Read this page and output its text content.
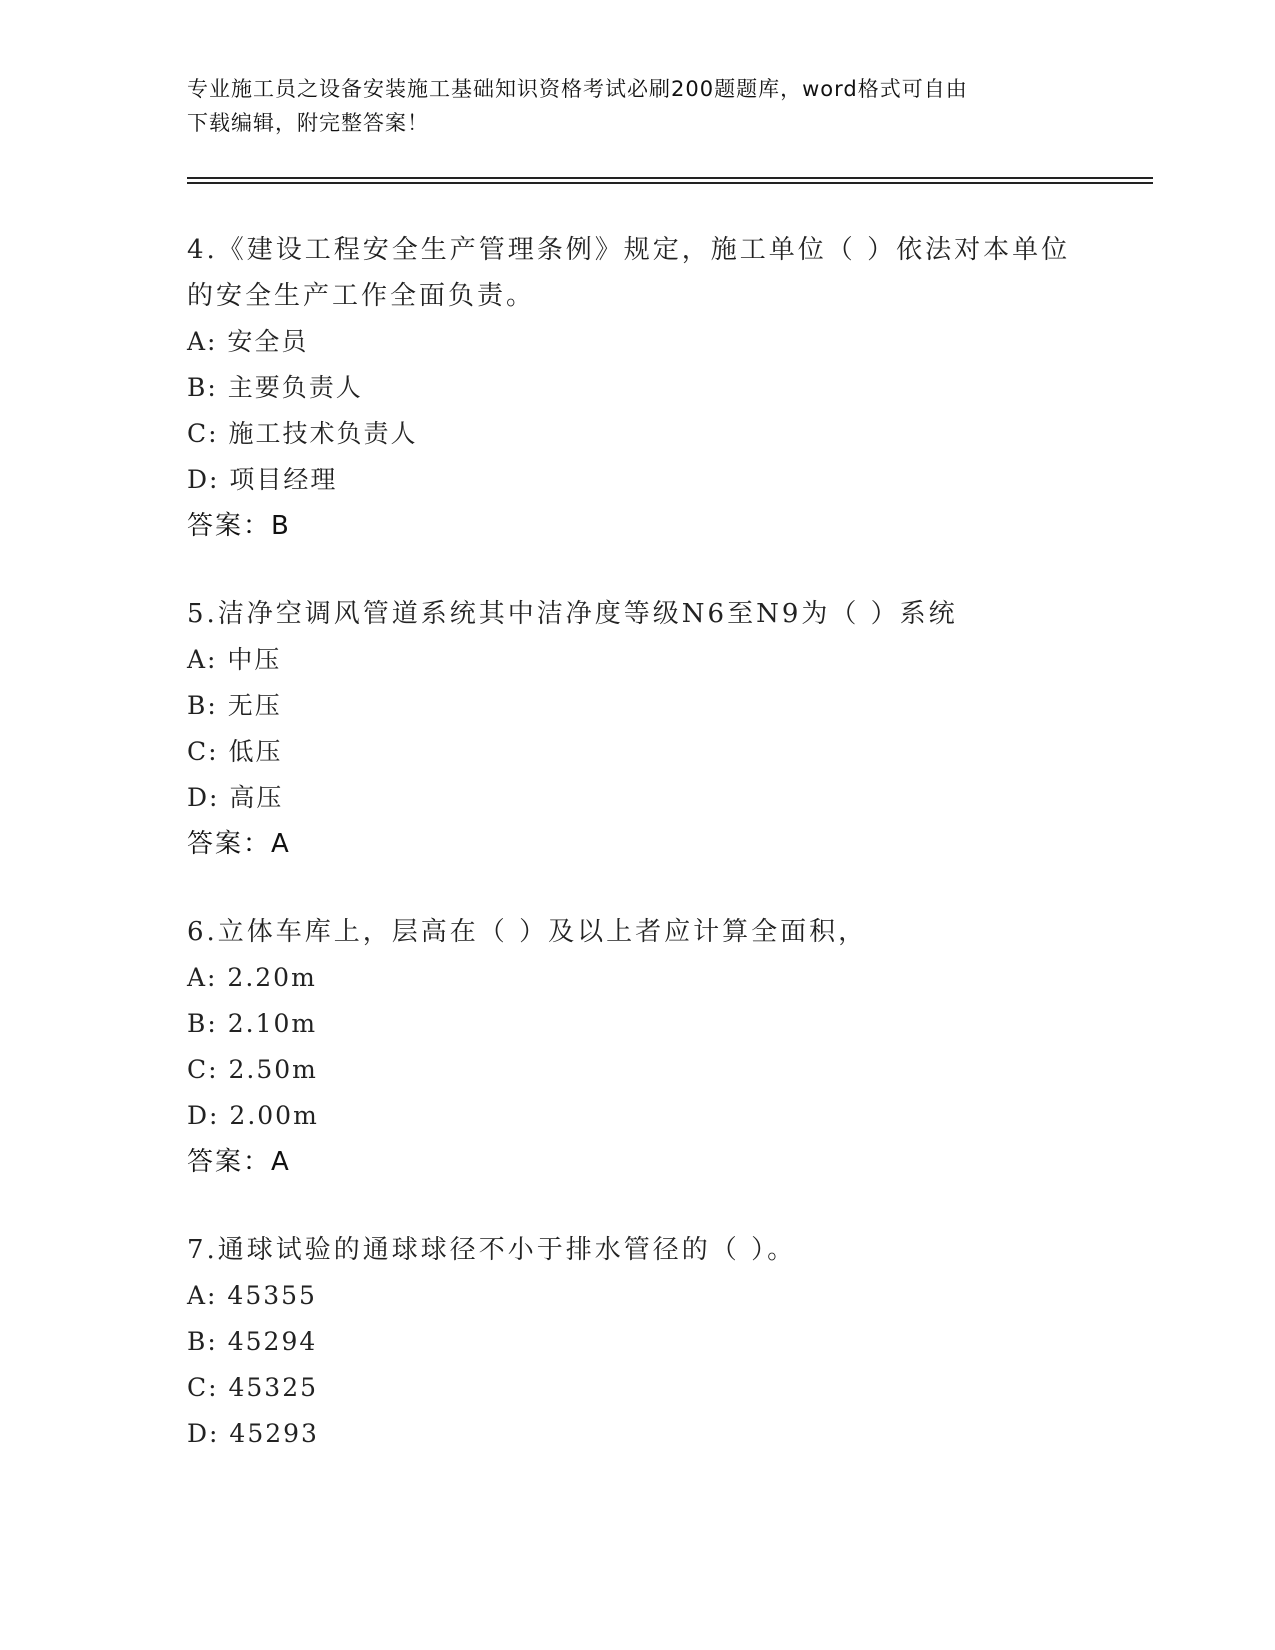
专业施工员之设备安装施工基础知识资格考试必刷200题题库，word格式可自由
下载编辑，附完整答案！
4.《建设工程安全生产管理条例》规定，施工单位（ ）依法对本单位
的安全生产工作全面负责。
A: 安全员
B: 主要负责人
C: 施工技术负责人
D: 项目经理
答案：B
5.洁净空调风管道系统其中洁净度等级N6至N9为（ ）系统
A: 中压
B: 无压
C: 低压
D: 高压
答案：A
6.立体车库上，层高在（ ）及以上者应计算全面积，
A: 2.20m
B: 2.10m
C: 2.50m
D: 2.00m
答案：A
7.通球试验的通球球径不小于排水管径的（ ）。
A: 45355
B: 45294
C: 45325
D: 45293
